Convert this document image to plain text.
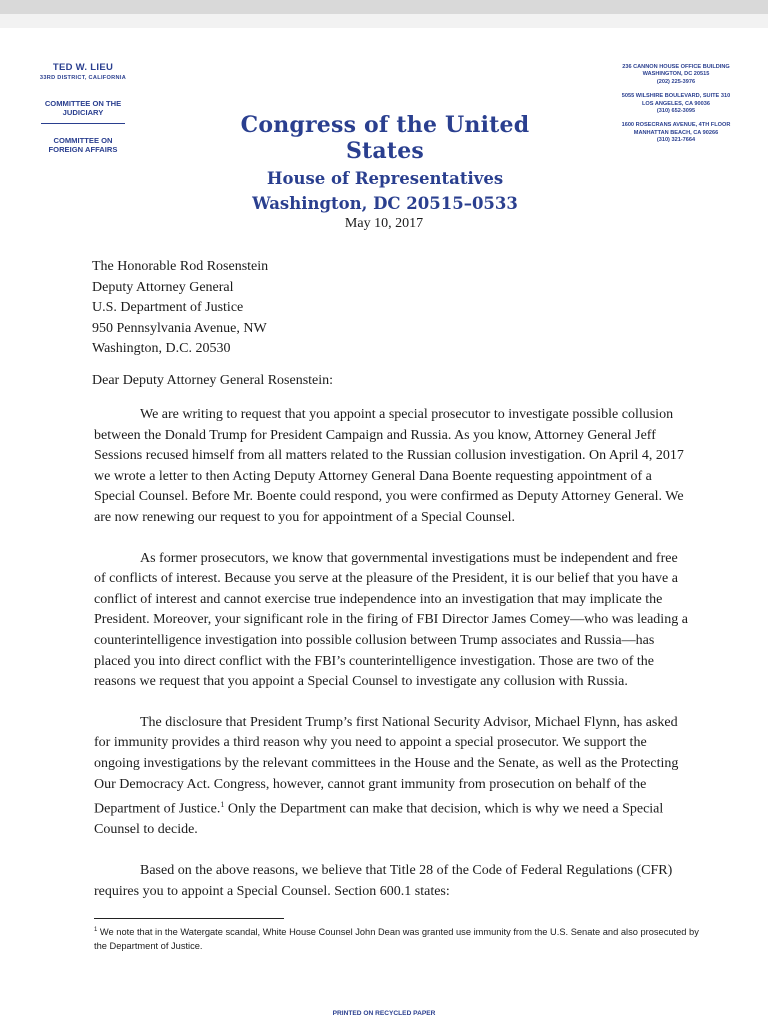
TED W. LIEU
33RD DISTRICT, CALIFORNIA
COMMITTEE ON THE
JUDICIARY
COMMITTEE ON
FOREIGN AFFAIRS
Congress of the United States
House of Representatives
Washington, DC 20515–0533
236 CANNON HOUSE OFFICE BUILDING
WASHINGTON, DC 20515
(202) 225-3976
5055 WILSHIRE BOULEVARD, SUITE 310
LOS ANGELES, CA 90036
(310) 652-3095
1600 ROSECRANS AVENUE, 4TH FLOOR
MANHATTAN BEACH, CA 90266
(310) 321-7664
May 10, 2017
The Honorable Rod Rosenstein
Deputy Attorney General
U.S. Department of Justice
950 Pennsylvania Avenue, NW
Washington, D.C. 20530
Dear Deputy Attorney General Rosenstein:

We are writing to request that you appoint a special prosecutor to investigate possible collusion between the Donald Trump for President Campaign and Russia. As you know, Attorney General Jeff Sessions recused himself from all matters related to the Russian collusion investigation. On April 4, 2017 we wrote a letter to then Acting Deputy Attorney General Dana Boente requesting appointment of a Special Counsel. Before Mr. Boente could respond, you were confirmed as Deputy Attorney General. We are now renewing our request to you for appointment of a Special Counsel.

As former prosecutors, we know that governmental investigations must be independent and free of conflicts of interest. Because you serve at the pleasure of the President, it is our belief that you have a conflict of interest and cannot exercise true independence into an investigation that may implicate the President. Moreover, your significant role in the firing of FBI Director James Comey—who was leading a counterintelligence investigation into possible collusion between Trump associates and Russia—has placed you into direct conflict with the FBI’s counterintelligence investigation. Those are two of the reasons we request that you appoint a Special Counsel to investigate any collusion with Russia.

The disclosure that President Trump’s first National Security Advisor, Michael Flynn, has asked for immunity provides a third reason why you need to appoint a special prosecutor. We support the ongoing investigations by the relevant committees in the House and the Senate, as well as the Protecting Our Democracy Act. Congress, however, cannot grant immunity from prosecution on behalf of the Department of Justice.$^1$ Only the Department can make that decision, which is why we need a Special Counsel to decide.

Based on the above reasons, we believe that Title 28 of the Code of Federal Regulations (CFR) requires you to appoint a Special Counsel. Section 600.1 states:

$^1$ We note that in the Watergate scandal, White House Counsel John Dean was granted use immunity from the U.S. Senate and also prosecuted by the Department of Justice.
PRINTED ON RECYCLED PAPER
